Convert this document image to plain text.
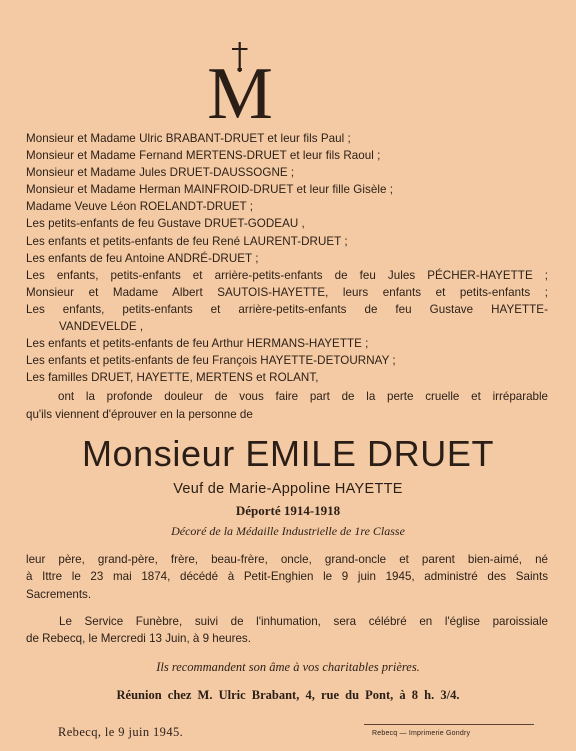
M
Monsieur et Madame Ulric BRABANT-DRUET et leur fils Paul ;
Monsieur et Madame Fernand MERTENS-DRUET et leur fils Raoul ;
Monsieur et Madame Jules DRUET-DAUSSOGNE ;
Monsieur et Madame Herman MAINFROID-DRUET et leur fille Gisèle ;
Madame Veuve Léon ROELANDT-DRUET ;
Les petits-enfants de feu Gustave DRUET-GODEAU ,
Les enfants et petits-enfants de feu René LAURENT-DRUET ;
Les enfants de feu Antoine ANDRÉ-DRUET ;
Les enfants, petits-enfants et arrière-petits-enfants de feu Jules PÉCHER-HAYETTE ;
Monsieur et Madame Albert SAUTOIS-HAYETTE, leurs enfants et petits-enfants ;
Les enfants, petits-enfants et arrière-petits-enfants de feu Gustave HAYETTE-
VANDEVELDE ,
Les enfants et petits-enfants de feu Arthur HERMANS-HAYETTE ;
Les enfants et petits-enfants de feu François HAYETTE-DETOURNAY ;
Les familles DRUET, HAYETTE, MERTENS et ROLANT,
ont la profonde douleur de vous faire part de la perte cruelle et irréparable
qu'ils viennent d'éprouver en la personne de
Monsieur EMILE DRUET
Veuf de Marie-Appoline HAYETTE
Déporté 1914-1918
Décoré de la Médaille Industrielle de 1re Classe
leur père, grand-père, frère, beau-frère, oncle, grand-oncle et parent bien-aimé, né
à Ittre le 23 mai 1874, décédé à Petit-Enghien le 9 juin 1945, administré des Saints
Sacrements.
Le Service Funèbre, suivi de l'inhumation, sera célébré en l'église paroissiale
de Rebecq, le Mercredi 13 Juin, à 9 heures.
Ils recommandent son âme à vos charitables prières.
Réunion chez M. Ulric Brabant, 4, rue du Pont, à 8 h. 3/4.
Rebecq, le 9 juin 1945.	Rebecq — Imprimerie Gondry
